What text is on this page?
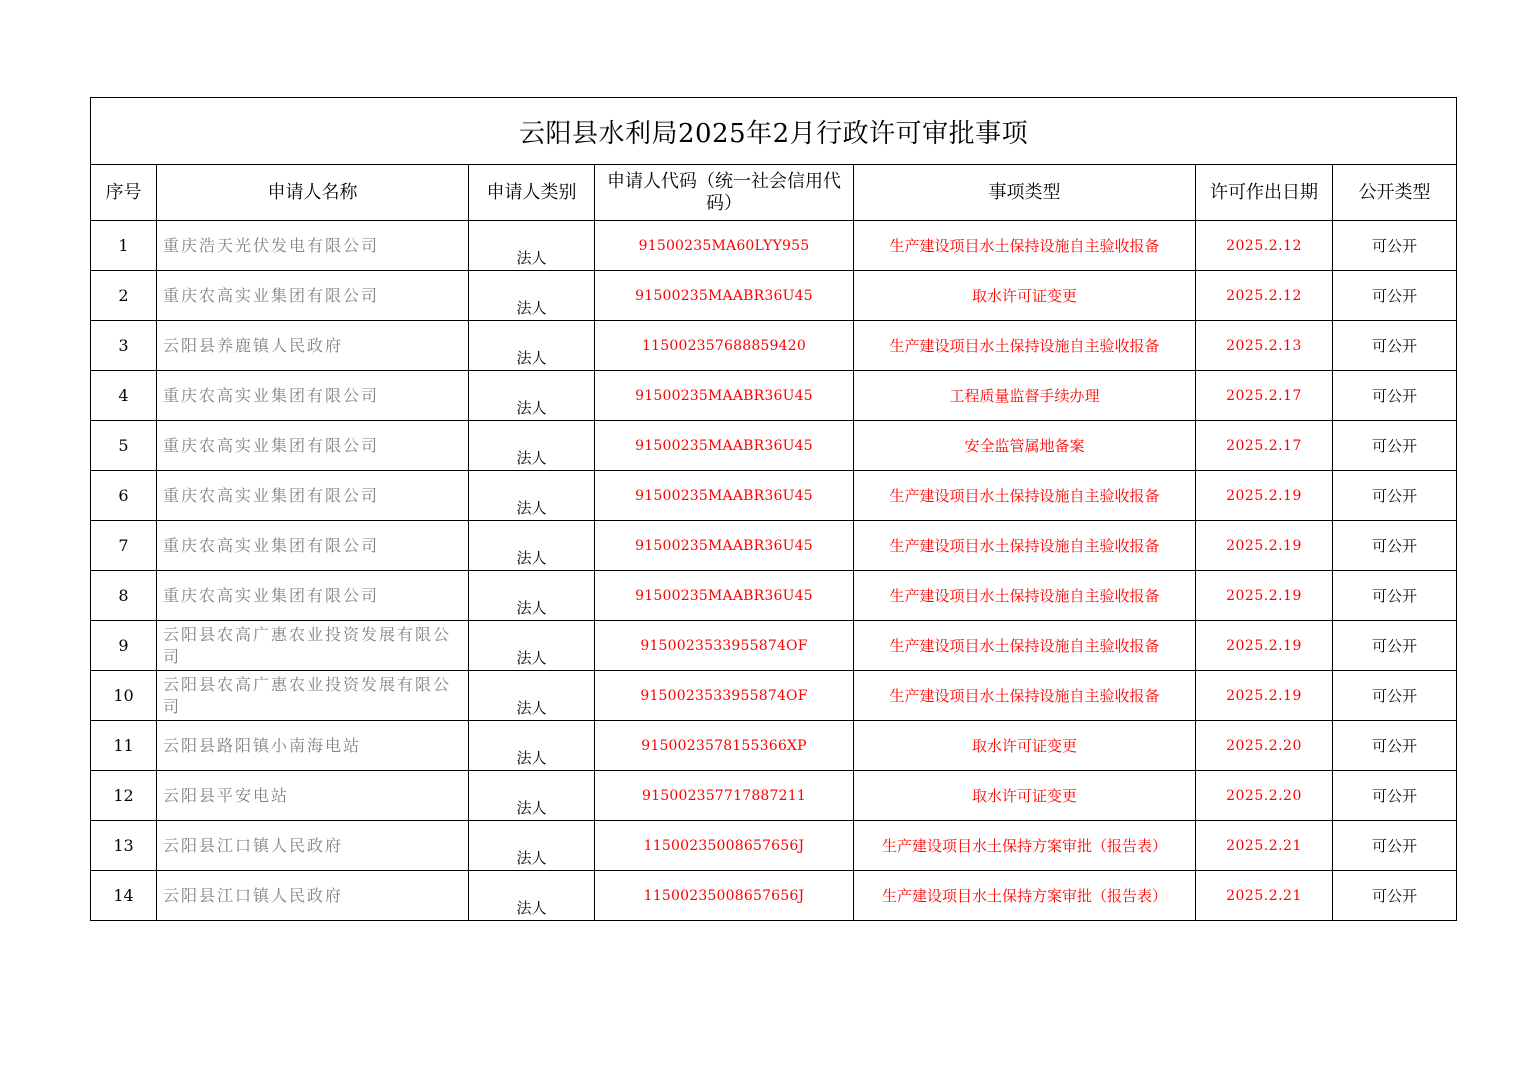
云阳县水利局2025年2月行政许可审批事项						
序号	申请人名称	申请人类别	申请人代码（统一社会信用代码）	事项类型	许可作出日期	公开类型
1	重庆浩天光伏发电有限公司	法人	91500235MA60LYY955	生产建设项目水土保持设施自主验收报备	2025.2.12	可公开
2	重庆农高实业集团有限公司	法人	91500235MAABR36U45	取水许可证变更	2025.2.12	可公开
3	云阳县养鹿镇人民政府	法人	115002357688859420	生产建设项目水土保持设施自主验收报备	2025.2.13	可公开
4	重庆农高实业集团有限公司	法人	91500235MAABR36U45	工程质量监督手续办理	2025.2.17	可公开
5	重庆农高实业集团有限公司	法人	91500235MAABR36U45	安全监管属地备案	2025.2.17	可公开
6	重庆农高实业集团有限公司	法人	91500235MAABR36U45	生产建设项目水土保持设施自主验收报备	2025.2.19	可公开
7	重庆农高实业集团有限公司	法人	91500235MAABR36U45	生产建设项目水土保持设施自主验收报备	2025.2.19	可公开
8	重庆农高实业集团有限公司	法人	91500235MAABR36U45	生产建设项目水土保持设施自主验收报备	2025.2.19	可公开
9	云阳县农高广惠农业投资发展有限公司	法人	9150023533955874OF	生产建设项目水土保持设施自主验收报备	2025.2.19	可公开
10	云阳县农高广惠农业投资发展有限公司	法人	9150023533955874OF	生产建设项目水土保持设施自主验收报备	2025.2.19	可公开
11	云阳县路阳镇小南海电站	法人	9150023578155366XP	取水许可证变更	2025.2.20	可公开
12	云阳县平安电站	法人	915002357717887211	取水许可证变更	2025.2.20	可公开
13	云阳县江口镇人民政府	法人	11500235008657656J	生产建设项目水土保持方案审批（报告表）	2025.2.21	可公开
14	云阳县江口镇人民政府	法人	11500235008657656J	生产建设项目水土保持方案审批（报告表）	2025.2.21	可公开
